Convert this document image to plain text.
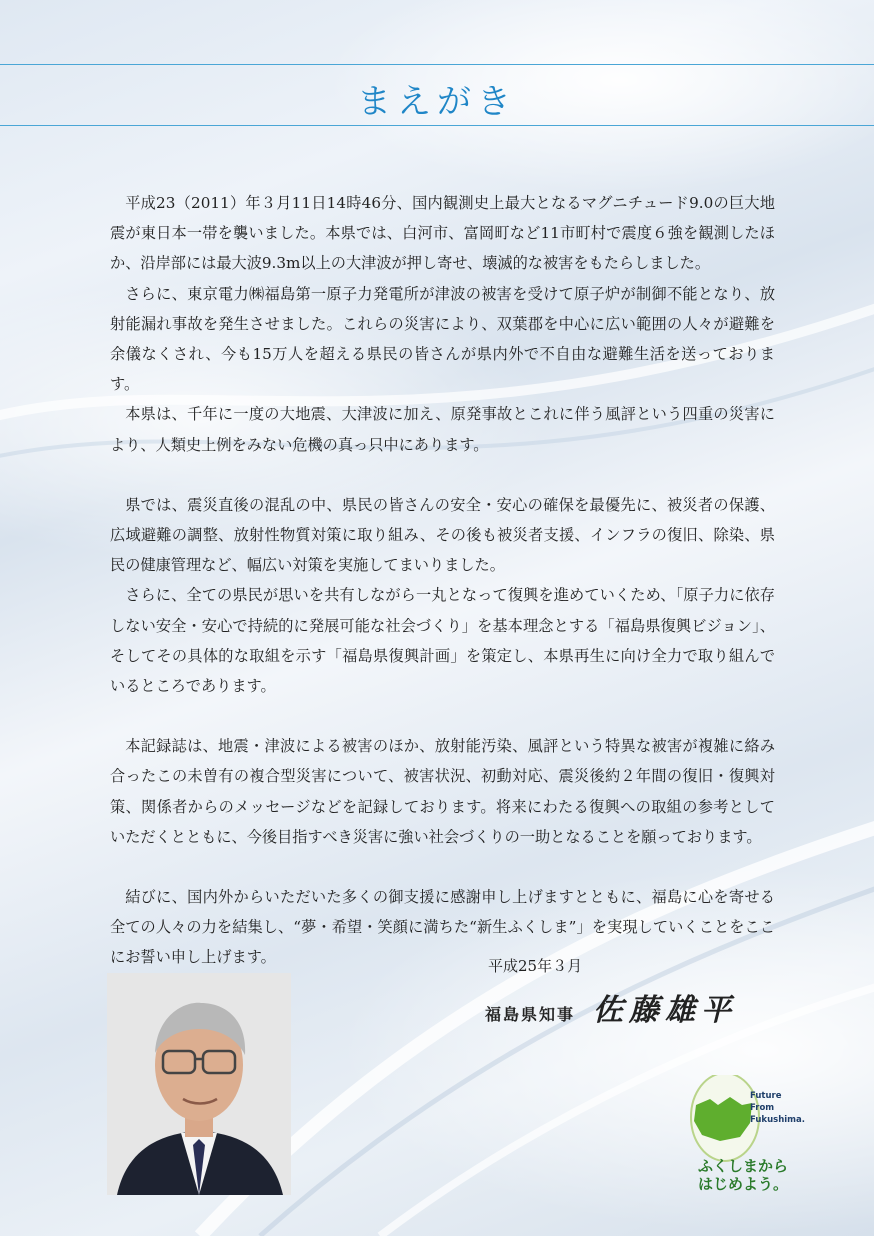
まえがき

平成23（2011）年３月11日14時46分、国内観測史上最大となるマグニチュード9.0の巨大地震が東日本一帯を襲いました。本県では、白河市、富岡町など11市町村で震度６強を観測したほか、沿岸部には最大波9.3m以上の大津波が押し寄せ、壊滅的な被害をもたらしました。

さらに、東京電力㈱福島第一原子力発電所が津波の被害を受けて原子炉が制御不能となり、放射能漏れ事故を発生させました。これらの災害により、双葉郡を中心に広い範囲の人々が避難を余儀なくされ、今も15万人を超える県民の皆さんが県内外で不自由な避難生活を送っております。

本県は、千年に一度の大地震、大津波に加え、原発事故とこれに伴う風評という四重の災害により、人類史上例をみない危機の真っ只中にあります。

県では、震災直後の混乱の中、県民の皆さんの安全・安心の確保を最優先に、被災者の保護、広域避難の調整、放射性物質対策に取り組み、その後も被災者支援、インフラの復旧、除染、県民の健康管理など、幅広い対策を実施してまいりました。

さらに、全ての県民が思いを共有しながら一丸となって復興を進めていくため、「原子力に依存しない安全・安心で持続的に発展可能な社会づくり」を基本理念とする「福島県復興ビジョン」、そしてその具体的な取組を示す「福島県復興計画」を策定し、本県再生に向け全力で取り組んでいるところであります。

本記録誌は、地震・津波による被害のほか、放射能汚染、風評という特異な被害が複雑に絡み合ったこの未曽有の複合型災害について、被害状況、初動対応、震災後約２年間の復旧・復興対策、関係者からのメッセージなどを記録しております。将来にわたる復興への取組の参考としていただくとともに、今後目指すべき災害に強い社会づくりの一助となることを願っております。

結びに、国内外からいただいた多くの御支援に感謝申し上げますとともに、福島に心を寄せる全ての人々の力を結集し、“夢・希望・笑顔に満ちた“新生ふくしま”」を実現していくことをここにお誓い申し上げます。	平成25年３月
福島県知事 佐藤雄平
Future
From
Fukushima.
ふくしまから
はじめよう。
